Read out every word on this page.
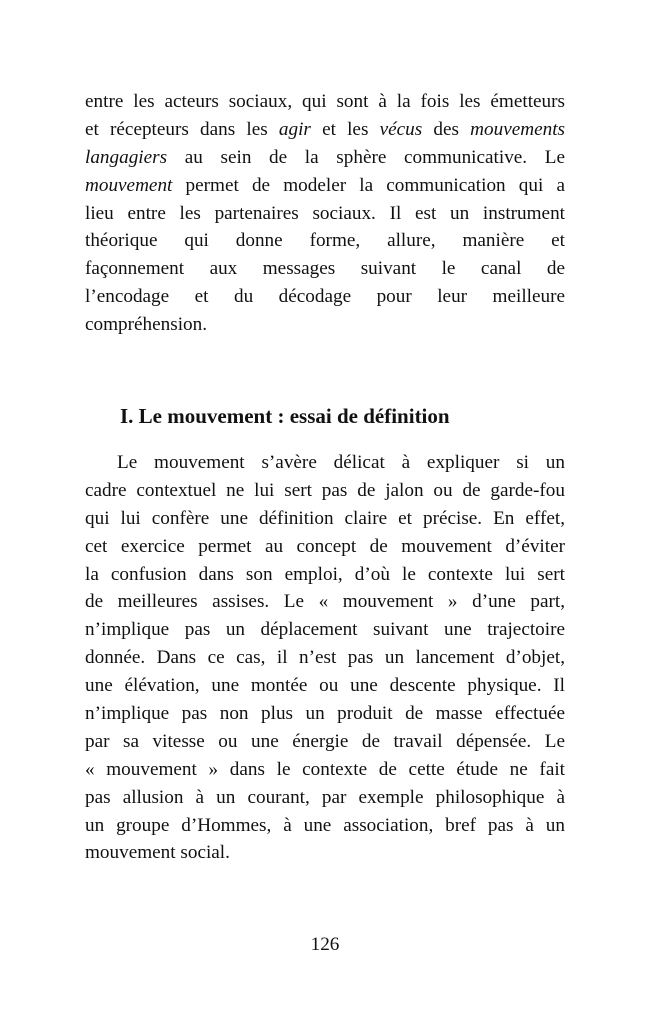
entre les acteurs sociaux, qui sont à la fois les émetteurs
et récepteurs dans les agir et les vécus des mouvements
langagiers au sein de la sphère communicative. Le
mouvement permet de modeler la communication qui a
lieu entre les partenaires sociaux. Il est un instrument
théorique qui donne forme, allure, manière et
façonnement aux messages suivant le canal de
l’encodage et du décodage pour leur meilleure
compréhension.
I. Le mouvement : essai de définition
Le mouvement s’avère délicat à expliquer si un
cadre contextuel ne lui sert pas de jalon ou de garde-fou
qui lui confère une définition claire et précise. En effet,
cet exercice permet au concept de mouvement d’éviter
la confusion dans son emploi, d’où le contexte lui sert
de meilleures assises. Le « mouvement » d’une part,
n’implique pas un déplacement suivant une trajectoire
donnée. Dans ce cas, il n’est pas un lancement d’objet,
une élévation, une montée ou une descente physique. Il
n’implique pas non plus un produit de masse effectuée
par sa vitesse ou une énergie de travail dépensée. Le
« mouvement » dans le contexte de cette étude ne fait
pas allusion à un courant, par exemple philosophique à
un groupe d’Hommes, à une association, bref pas à un
mouvement social.
126
